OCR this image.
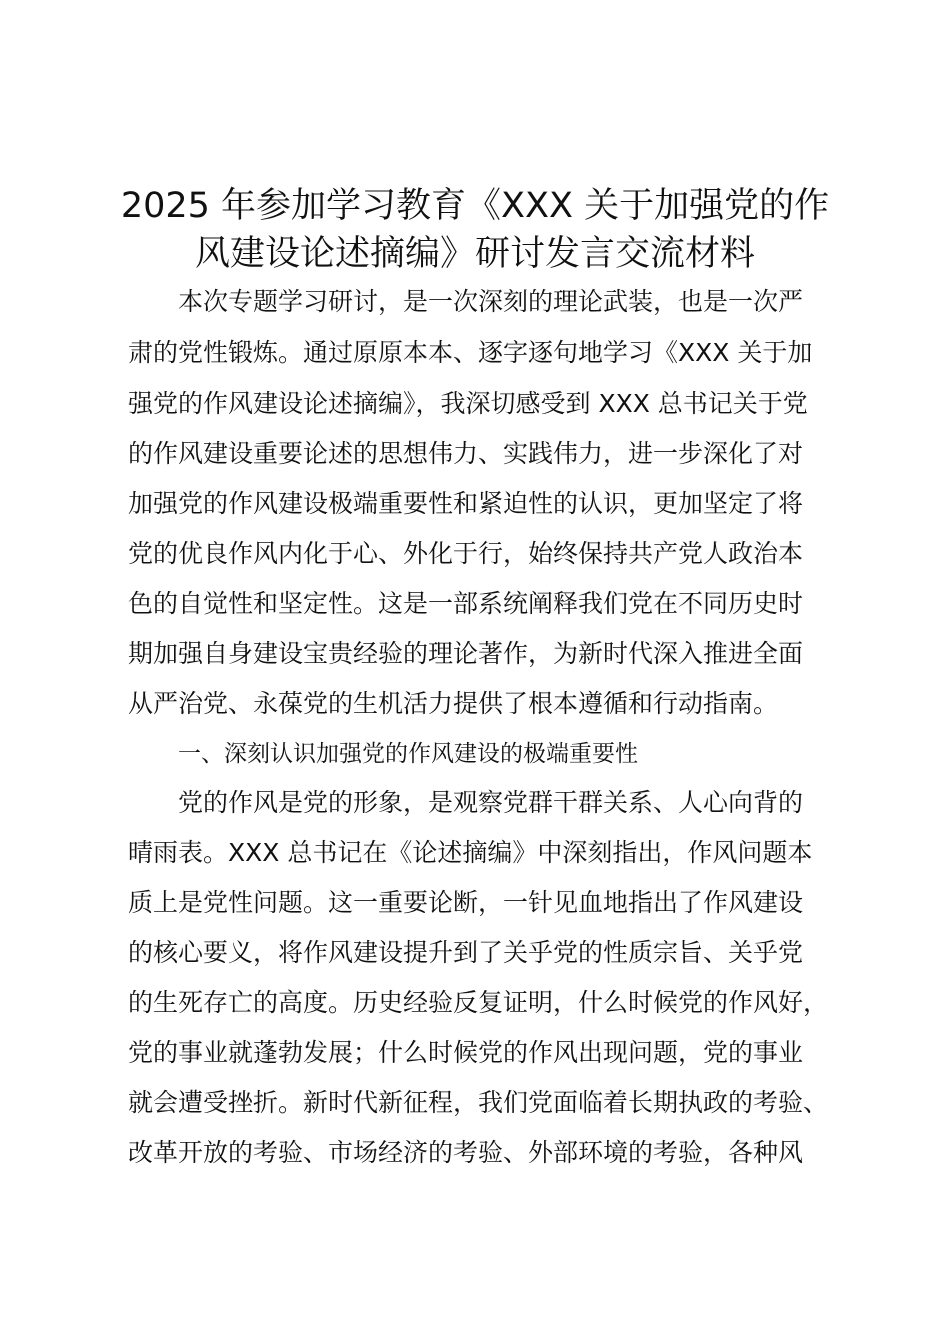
2025 年参加学习教育《XXX 关于加强党的作
风建设论述摘编》研讨发言交流材料
本次专题学习研讨，是一次深刻的理论武装，也是一次严
肃的党性锻炼。通过原原本本、逐字逐句地学习《XXX 关于加
强党的作风建设论述摘编》，我深切感受到 XXX 总书记关于党
的作风建设重要论述的思想伟力、实践伟力，进一步深化了对
加强党的作风建设极端重要性和紧迫性的认识，更加坚定了将
党的优良作风内化于心、外化于行，始终保持共产党人政治本
色的自觉性和坚定性。这是一部系统阐释我们党在不同历史时
期加强自身建设宝贵经验的理论著作，为新时代深入推进全面
从严治党、永葆党的生机活力提供了根本遵循和行动指南。
一、深刻认识加强党的作风建设的极端重要性
党的作风是党的形象，是观察党群干群关系、人心向背的
晴雨表。XXX 总书记在《论述摘编》中深刻指出，作风问题本
质上是党性问题。这一重要论断，一针见血地指出了作风建设
的核心要义，将作风建设提升到了关乎党的性质宗旨、关乎党
的生死存亡的高度。历史经验反复证明，什么时候党的作风好，
党的事业就蓬勃发展；什么时候党的作风出现问题，党的事业
就会遭受挫折。新时代新征程，我们党面临着长期执政的考验、
改革开放的考验、市场经济的考验、外部环境的考验，各种风
